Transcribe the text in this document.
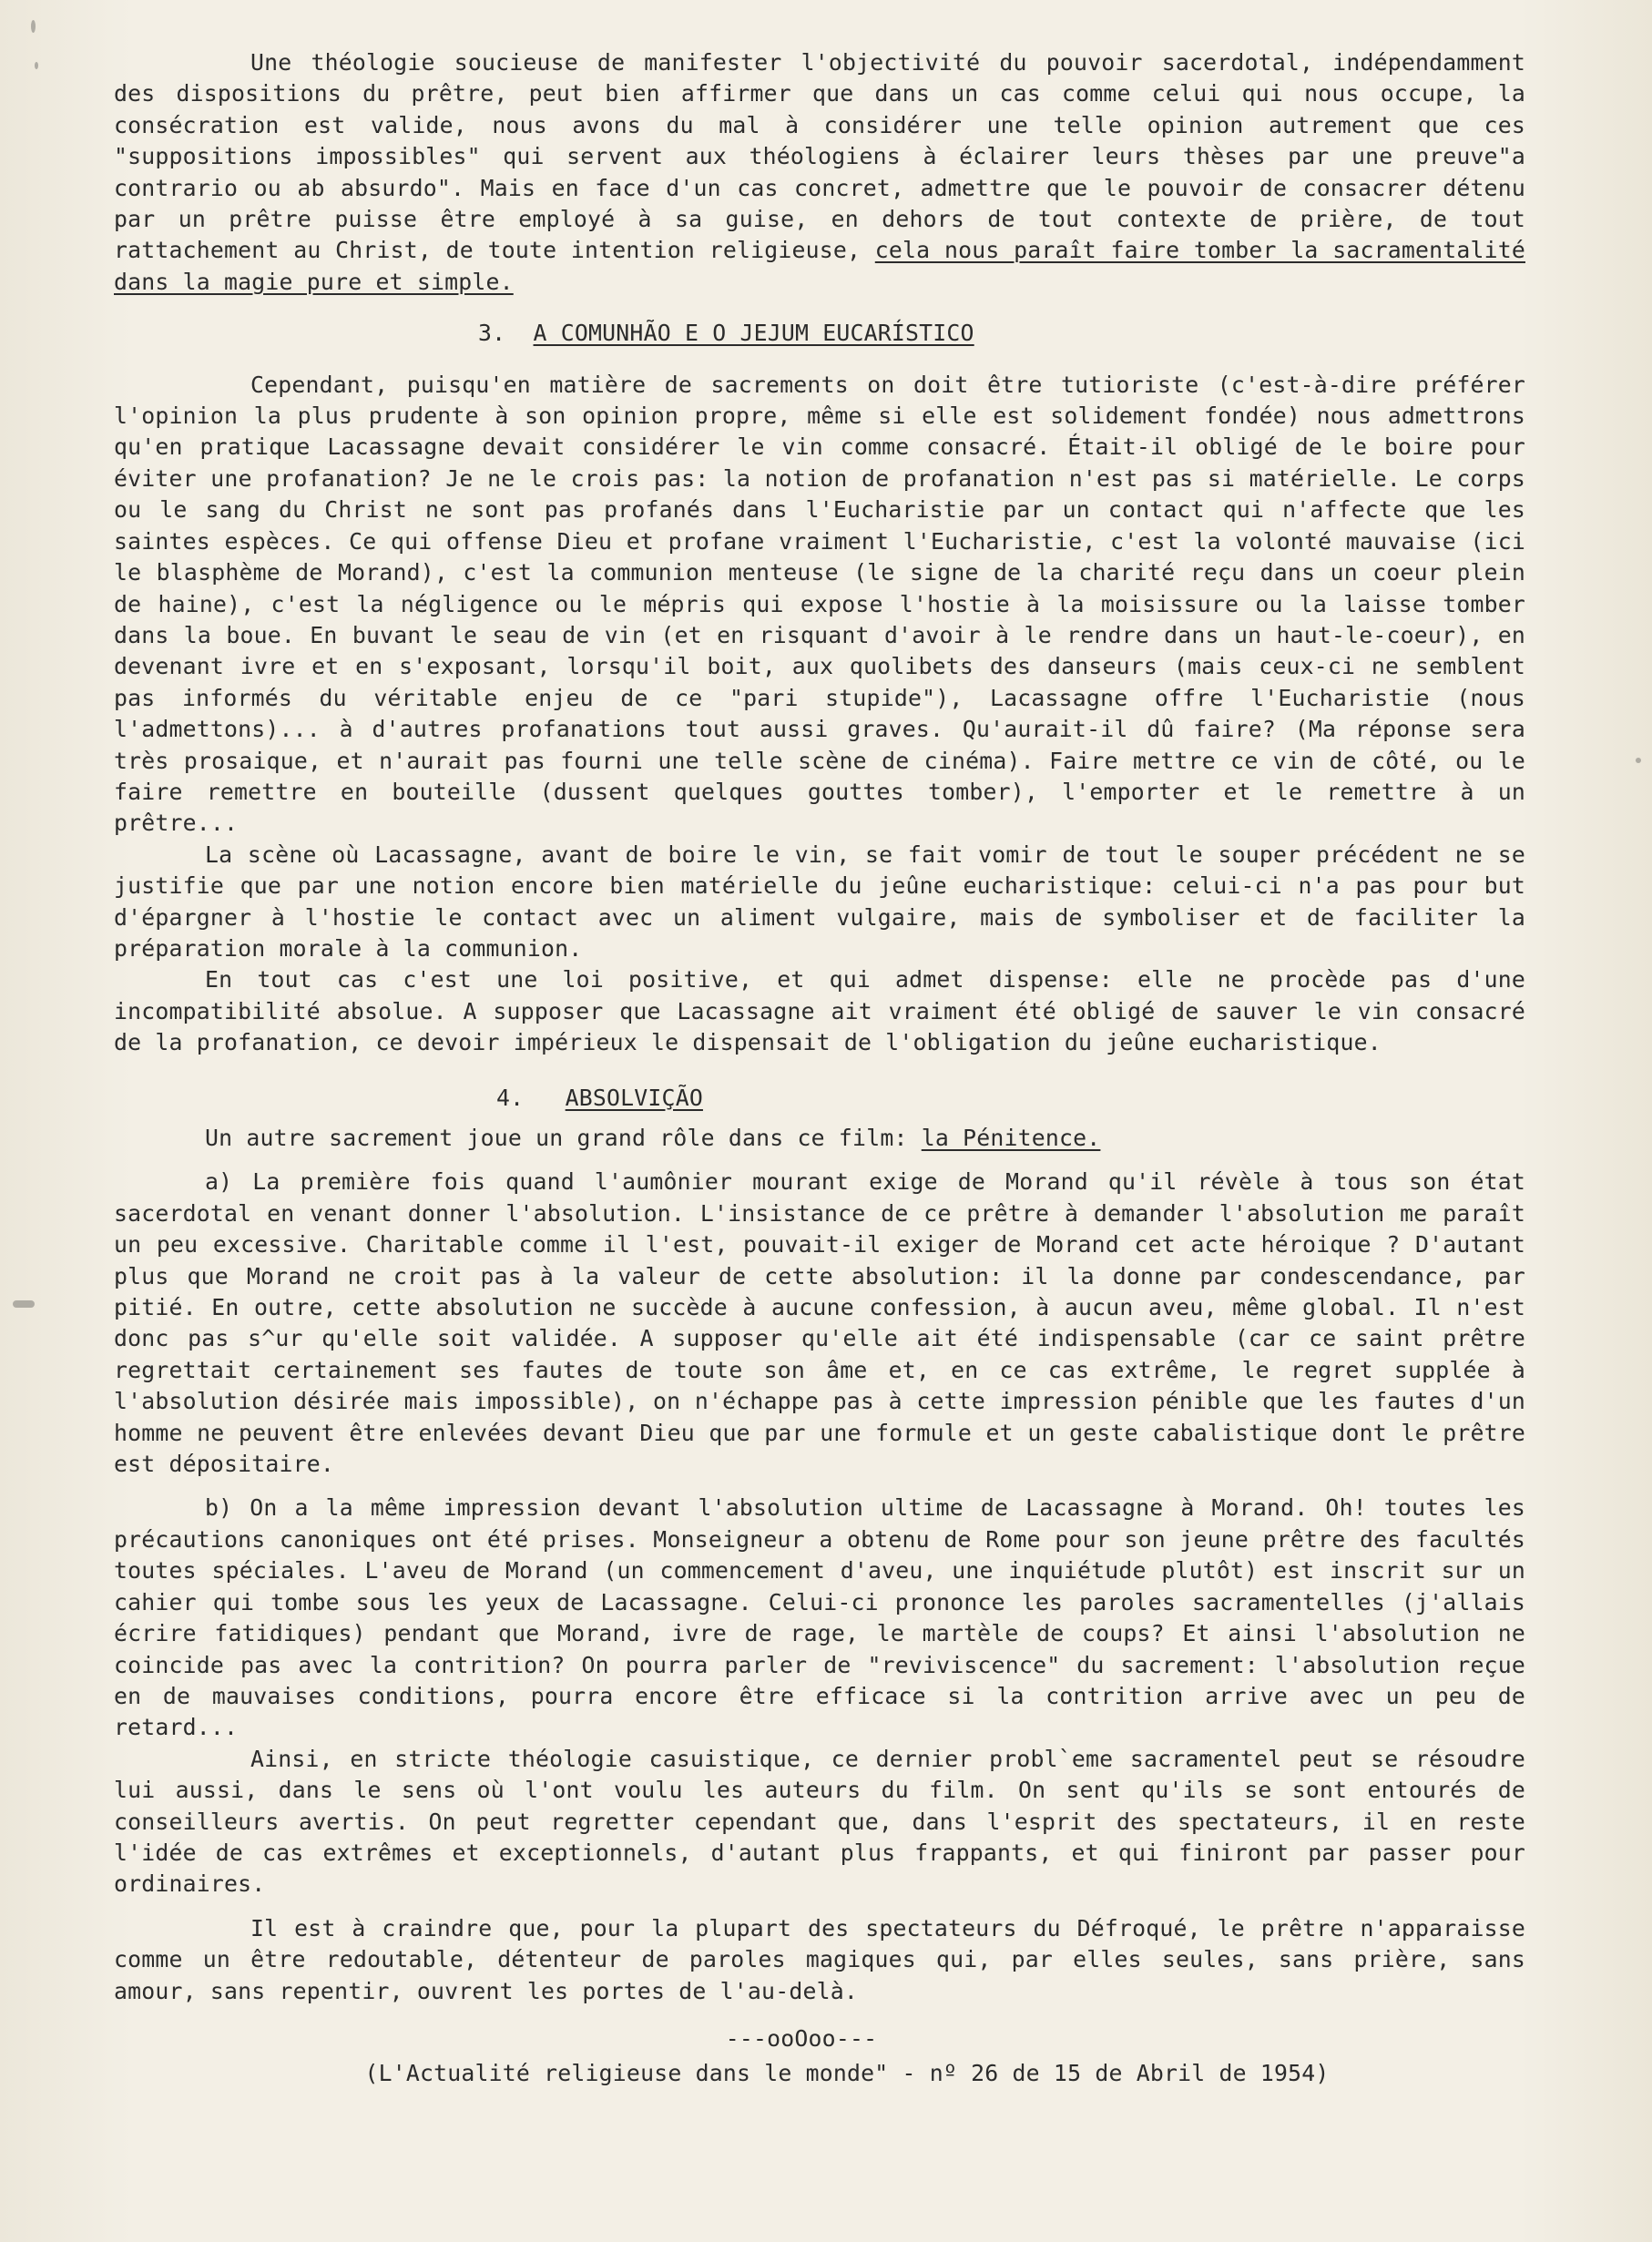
Une théologie soucieuse de manifester l'objectivité du pouvoir sacerdotal, indépendamment des dispositions du prêtre, peut bien affirmer que dans un cas comme celui qui nous occupe, la consécration est valide, nous avons du mal à considérer une telle opinion autrement que ces "suppositions impossibles" qui servent aux théologiens à éclairer leurs thèses par une preuve"a contrario ou ab absurdo". Mais en face d'un cas concret, admettre que le pouvoir de consacrer détenu par un prêtre puisse être employé à sa guise, en dehors de tout contexte de prière, de tout rattachement au Christ, de toute intention religieuse, cela nous paraît faire tomber la sacramentalité dans la magie pure et simple.

3. A COMUNHÃO E O JEJUM EUCARÍSTICO

Cependant, puisqu'en matière de sacrements on doit être tutioriste (c'est-à-dire préférer l'opinion la plus prudente à son opinion propre, même si elle est solidement fondée) nous admettrons qu'en pratique Lacassagne devait considérer le vin comme consacré. Était-il obligé de le boire pour éviter une profanation? Je ne le crois pas: la notion de profanation n'est pas si matérielle. Le corps ou le sang du Christ ne sont pas profanés dans l'Eucharistie par un contact qui n'affecte que les saintes espèces. Ce qui offense Dieu et profane vraiment l'Eucharistie, c'est la volonté mauvaise (ici le blasphème de Morand), c'est la communion menteuse (le signe de la charité reçu dans un coeur plein de haine), c'est la négligence ou le mépris qui expose l'hostie à la moisissure ou la laisse tomber dans la boue. En buvant le seau de vin (et en risquant d'avoir à le rendre dans un haut-le-coeur), en devenant ivre et en s'exposant, lorsqu'il boit, aux quolibets des danseurs (mais ceux-ci ne semblent pas informés du véritable enjeu de ce "pari stupide"), Lacassagne offre l'Eucharistie (nous l'admettons)... à d'autres profanations tout aussi graves. Qu'aurait-il dû faire? (Ma réponse sera très prosaique, et n'aurait pas fourni une telle scène de cinéma). Faire mettre ce vin de côté, ou le faire remettre en bouteille (dussent quelques gouttes tomber), l'emporter et le remettre à un prêtre...

La scène où Lacassagne, avant de boire le vin, se fait vomir de tout le souper précédent ne se justifie que par une notion encore bien matérielle du jeûne eucharistique: celui-ci n'a pas pour but d'épargner à l'hostie le contact avec un aliment vulgaire, mais de symboliser et de faciliter la préparation morale à la communion.

En tout cas c'est une loi positive, et qui admet dispense: elle ne procède pas d'une incompatibilité absolue. A supposer que Lacassagne ait vraiment été obligé de sauver le vin consacré de la profanation, ce devoir impérieux le dispensait de l'obligation du jeûne eucharistique.

4. ABSOLVIÇÃO

Un autre sacrement joue un grand rôle dans ce film: la Pénitence.

a) La première fois quand l'aumônier mourant exige de Morand qu'il révèle à tous son état sacerdotal en venant donner l'absolution. L'insistance de ce prêtre à demander l'absolution me paraît un peu excessive. Charitable comme il l'est, pouvait-il exiger de Morand cet acte héroique ? D'autant plus que Morand ne croit pas à la valeur de cette absolution: il la donne par condescendance, par pitié. En outre, cette absolution ne succède à aucune confession, à aucun aveu, même global. Il n'est donc pas s^ur qu'elle soit validée. A supposer qu'elle ait été indispensable (car ce saint prêtre regrettait certainement ses fautes de toute son âme et, en ce cas extrême, le regret supplée à l'absolution désirée mais impossible), on n'échappe pas à cette impression pénible que les fautes d'un homme ne peuvent être enlevées devant Dieu que par une formule et un geste cabalistique dont le prêtre est dépositaire.

b) On a la même impression devant l'absolution ultime de Lacassagne à Morand. Oh! toutes les précautions canoniques ont été prises. Monseigneur a obtenu de Rome pour son jeune prêtre des facultés toutes spéciales. L'aveu de Morand (un commencement d'aveu, une inquiétude plutôt) est inscrit sur un cahier qui tombe sous les yeux de Lacassagne. Celui-ci prononce les paroles sacramentelles (j'allais écrire fatidiques) pendant que Morand, ivre de rage, le martèle de coups? Et ainsi l'absolution ne coincide pas avec la contrition? On pourra parler de "reviviscence" du sacrement: l'absolution reçue en de mauvaises conditions, pourra encore être efficace si la contrition arrive avec un peu de retard...

Ainsi, en stricte théologie casuistique, ce dernier probl`eme sacramentel peut se résoudre lui aussi, dans le sens où l'ont voulu les auteurs du film. On sent qu'ils se sont entourés de conseilleurs avertis. On peut regretter cependant que, dans l'esprit des spectateurs, il en reste l'idée de cas extrêmes et exceptionnels, d'autant plus frappants, et qui finiront par passer pour ordinaires.

Il est à craindre que, pour la plupart des spectateurs du Défroqué, le prêtre n'apparaisse comme un être redoutable, détenteur de paroles magiques qui, par elles seules, sans prière, sans amour, sans repentir, ouvrent les portes de l'au-delà.

---ooOoo---
(L'Actualité religieuse dans le monde" - nº 26 de 15 de Abril de 1954)
